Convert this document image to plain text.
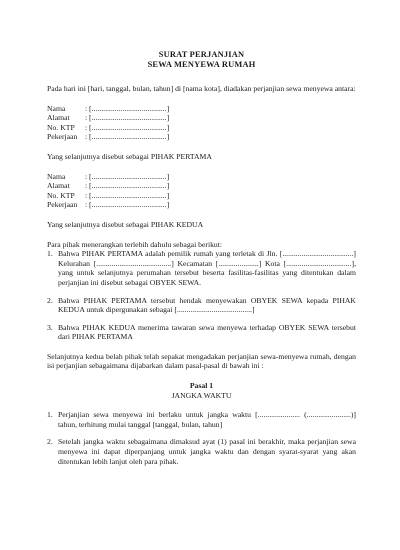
SURAT PERJANJIAN
SEWA MENYEWA RUMAH

Pada hari ini [hari, tanggal, bulan, tahun] di [nama kota], diadakan perjanjian sewa menyewa antara:

Nama	: [.......................................]
Alamat	: [.......................................]
No. KTP	: [.......................................]
Pekerjaan : [.......................................]

Yang selanjutnya disebut sebagai PIHAK PERTAMA

Nama	: [.......................................]
Alamat	: [.......................................]
No. KTP	: [.......................................]
Pekerjaan : [.......................................]

Yang selanjutnya disebut sebagai PIHAK KEDUA

Para pihak menerangkan terlebih dahulu sebagai berikut:

1. Bahwa PIHAK PERTAMA adalah pemilik rumah yang terletak di Jln. [.....................................] Kelurahan [.......................................] Kecamatan [.....................] Kota [..................................], yang untuk selanjutnya perumahan tersebut beserta fasilitas-fasilitas yang ditentukan dalam perjanjian ini disebut sebagai OBYEK SEWA.
2. Bahwa PIHAK PERTAMA tersebut hendak menyewakan OBYEK SEWA kepada PIHAK KEDUA untuk dipergunakan sebagai [.......................................]
3. Bahwa PIHAK KEDUA menerima tawaran sewa menyewa terhadap OBYEK SEWA tersebut dari PIHAK PERTAMA

Selanjutnya kedua belah pihak telah sepakat mengadakan perjanjian sewa-menyewa rumah, dengan isi perjanjian sebagaimana dijabarkan dalam pasal-pasal di bawah ini :

Pasal 1
JANGKA WAKTU
1. Perjanjian sewa menyewa ini berlaku untuk jangka waktu [...................... (.......................)] tahun, terhitung mulai tanggal [tanggal, bulan, tahun]
2. Setelah jangka waktu sebagaimana dimaksud ayat (1) pasal ini berakhir, maka perjanjian sewa menyewa ini dapat diperpanjang untuk jangka waktu dan dengan syarat-syarat yang akan ditentukan lebih lanjut oleh para pihak.
